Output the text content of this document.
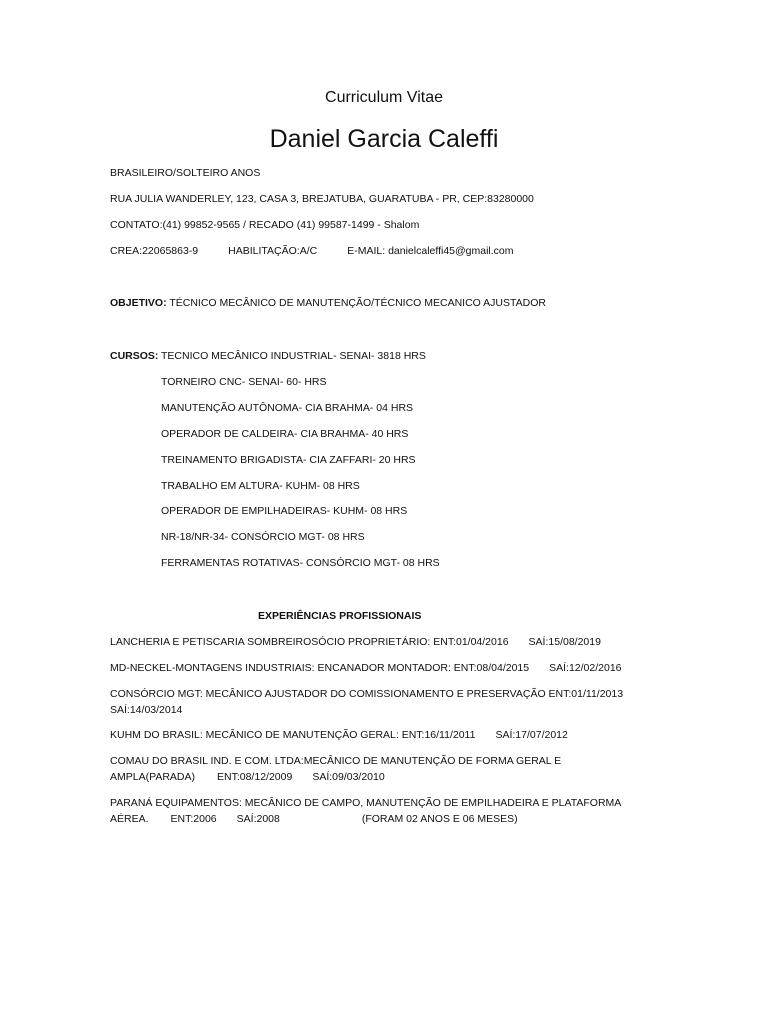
Curriculum Vitae
Daniel Garcia Caleffi
BRASILEIRO/SOLTEIRO ANOS
RUA JULIA WANDERLEY, 123, CASA 3, BREJATUBA, GUARATUBA - PR, CEP:83280000
CONTATO:(41) 99852-9565 / RECADO (41) 99587-1499 - Shalom
CREA:22065863-9	HABILITAÇÃO:A/C	E-MAIL: danielcaleffi45@gmail.com
OBJETIVO: TÉCNICO MECÂNICO DE MANUTENÇÃO/TÉCNICO MECANICO AJUSTADOR
CURSOS: TECNICO MECÂNICO INDUSTRIAL- SENAI- 3818 HRS
TORNEIRO CNC- SENAI- 60- HRS
MANUTENÇÃO AUTÔNOMA- CIA BRAHMA- 04 HRS
OPERADOR DE CALDEIRA- CIA BRAHMA- 40 HRS
TREINAMENTO BRIGADISTA- CIA ZAFFARI- 20 HRS
TRABALHO EM ALTURA- KUHM- 08 HRS
OPERADOR DE EMPILHADEIRAS- KUHM- 08 HRS
NR-18/NR-34- CONSÓRCIO MGT- 08 HRS
FERRAMENTAS ROTATIVAS- CONSÓRCIO MGT- 08 HRS
EXPERIÊNCIAS PROFISSIONAIS
LANCHERIA E PETISCARIA SOMBREIROSÓCIO PROPRIETÁRIO: ENT:01/04/2016 SAÍ:15/08/2019
MD-NECKEL-MONTAGENS INDUSTRIAIS: ENCANADOR MONTADOR: ENT:08/04/2015 SAÍ:12/02/2016
CONSÓRCIO MGT: MECÂNICO AJUSTADOR DO COMISSIONAMENTO E PRESERVAÇÃO ENT:01/11/2013
SAÍ:14/03/2014
KUHM DO BRASIL: MECÂNICO DE MANUTENÇÃO GERAL: ENT:16/11/2011 SAÍ:17/07/2012
COMAU DO BRASIL IND. E COM. LTDA:MECÂNICO DE MANUTENÇÃO DE FORMA GERAL E
AMPLA(PARADA) ENT:08/12/2009 SAÍ:09/03/2010
PARANÁ EQUIPAMENTOS: MECÂNICO DE CAMPO, MANUTENÇÃO DE EMPILHADEIRA E PLATAFORMA
AÉREA. ENT:2006 SAÍ:2008	(FORAM 02 ANOS E 06 MESES)
